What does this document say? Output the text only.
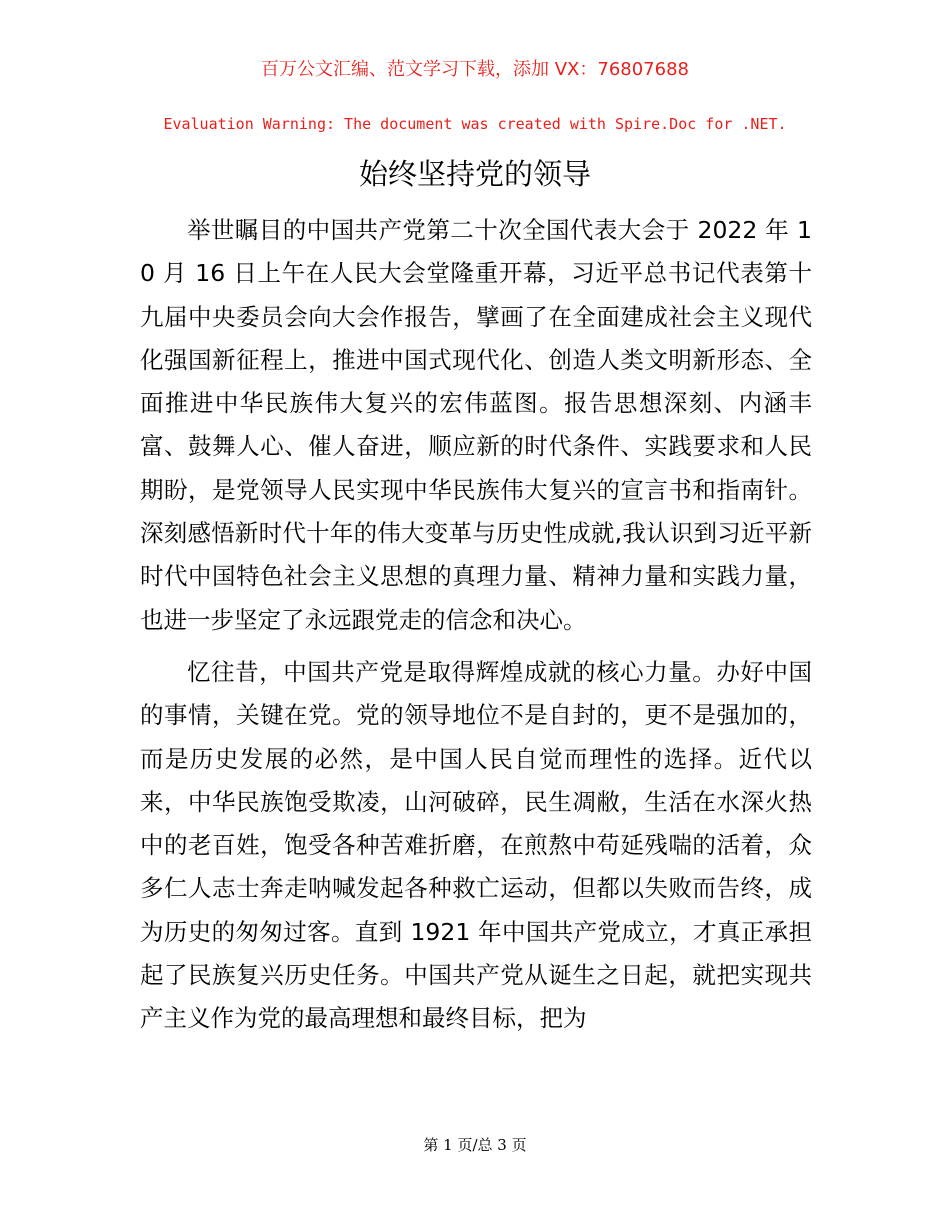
百万公文汇编、范文学习下载，添加 VX：76807688
Evaluation Warning: The document was created with Spire.Doc for .NET.
始终坚持党的领导

举世瞩目的中国共产党第二十次全国代表大会于 2022 年 10 月 16 日上午在人民大会堂隆重开幕，习近平总书记代表第十九届中央委员会向大会作报告，擘画了在全面建成社会主义现代化强国新征程上，推进中国式现代化、创造人类文明新形态、全面推进中华民族伟大复兴的宏伟蓝图。报告思想深刻、内涵丰富、鼓舞人心、催人奋进，顺应新的时代条件、实践要求和人民期盼，是党领导人民实现中华民族伟大复兴的宣言书和指南针。深刻感悟新时代十年的伟大变革与历史性成就,我认识到习近平新时代中国特色社会主义思想的真理力量、精神力量和实践力量，也进一步坚定了永远跟党走的信念和决心。

忆往昔，中国共产党是取得辉煌成就的核心力量。办好中国的事情，关键在党。党的领导地位不是自封的，更不是强加的，而是历史发展的必然，是中国人民自觉而理性的选择。近代以来，中华民族饱受欺凌，山河破碎，民生凋敝，生活在水深火热中的老百姓，饱受各种苦难折磨，在煎熬中苟延残喘的活着，众多仁人志士奔走呐喊发起各种救亡运动，但都以失败而告终，成为历史的匆匆过客。直到 1921 年中国共产党成立，才真正承担起了民族复兴历史任务。中国共产党从诞生之日起，就把实现共产主义作为党的最高理想和最终目标，把为

第 1 页/总 3 页
